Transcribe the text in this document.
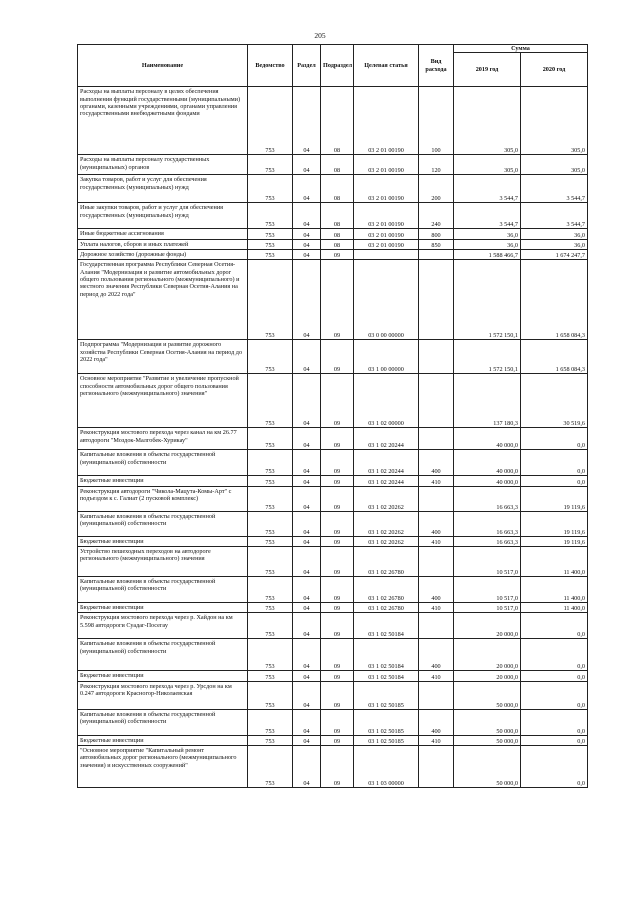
205
Наименование	Ведомство	Раздел	Подраздел	Целевая статья	Вид расхода	Сумма	
						2019 год	2020 год
Расходы на выплаты персоналу в целях обеспечения выполнения функций государственными (муниципальными) органами, казенными учреждениями, органами управления государственными внебюджетными фондами	753	04	08	03 2 01 00190	100	305,0	305,0
Расходы на выплаты персоналу государственных (муниципальных) органов	753	04	08	03 2 01 00190	120	305,0	305,0
Закупка товаров, работ и услуг для обеспечения государственных (муниципальных) нужд	753	04	08	03 2 01 00190	200	3 544,7	3 544,7
Иные закупки товаров, работ и услуг для обеспечения государственных (муниципальных) нужд	753	04	08	03 2 01 00190	240	3 544,7	3 544,7
Иные бюджетные ассигнования	753	04	08	03 2 01 00190	800	36,0	36,0
Уплата налогов, сборов и иных платежей	753	04	08	03 2 01 00190	850	36,0	36,0
Дорожное хозяйство (дорожные фонды)	753	04	09			1 588 466,7	1 674 247,7
Государственная программа Республики Северная Осетия-Алания "Модернизация и развитие автомобильных дорог общего пользования регионального (межмуниципального) и местного значения Республики Северная Осетия-Алания на период до 2022 года"	753	04	09	03 0 00 00000		1 572 150,1	1 658 084,3
Подпрограмма "Модернизация и развитие дорожного хозяйства Республики Северная Осетия-Алания на период до 2022 года"	753	04	09	03 1 00 00000		1 572 150,1	1 658 084,3
Основное мероприятие "Развитие и увеличение пропускной способности автомобильных дорог общего пользования регионального (межмуниципального) значения"	753	04	09	03 1 02 00000		137 180,3	30 519,6
Реконструкция мостового перехода через канал на км 26.77 автодороги "Моздок-Малгобек-Хурикау"	753	04	09	03 1 02 20244		40 000,0	0,0
Капитальные вложения в объекты государственной (муниципальной) собственности	753	04	09	03 1 02 20244	400	40 000,0	0,0
Бюджетные инвестиции	753	04	09	03 1 02 20244	410	40 000,0	0,0
Реконструкция автодороги "Чикола-Мацута-Комы-Арт" с подъездом к с. Галиат (2 пусковой комплекс)	753	04	09	03 1 02 20262		16 663,3	19 119,6
Капитальные вложения в объекты государственной (муниципальной) собственности	753	04	09	03 1 02 20262	400	16 663,3	19 119,6
Бюджетные инвестиции	753	04	09	03 1 02 20262	410	16 663,3	19 119,6
Устройство пешеходных переходов на автодороге регионального (межмуниципального) значения	753	04	09	03 1 02 26780		10 517,0	11 400,0
Капитальные вложения в объекты государственной (муниципальной) собственности	753	04	09	03 1 02 26780	400	10 517,0	11 400,0
Бюджетные инвестиции	753	04	09	03 1 02 26780	410	10 517,0	11 400,0
Реконструкция мостового перехода через р. Хайдон на км 5.598 автодороги Суадаг-Посегау	753	04	09	03 1 02 50184		20 000,0	0,0
Капитальные вложения в объекты государственной (муниципальной) собственности	753	04	09	03 1 02 50184	400	20 000,0	0,0
Бюджетные инвестиции	753	04	09	03 1 02 50184	410	20 000,0	0,0
Реконструкция мостового перехода через р. Урсдон на км 0.247 автодороги Красногор-Николаевская	753	04	09	03 1 02 50185		50 000,0	0,0
Капитальные вложения в объекты государственной (муниципальной) собственности	753	04	09	03 1 02 50185	400	50 000,0	0,0
Бюджетные инвестиции	753	04	09	03 1 02 50185	410	50 000,0	0,0
"Основное мероприятие "Капитальный ремонт автомобильных дорог регионального (межмуниципального значения) и искусственных сооружений"	753	04	09	03 1 03 00000		50 000,0	0,0
